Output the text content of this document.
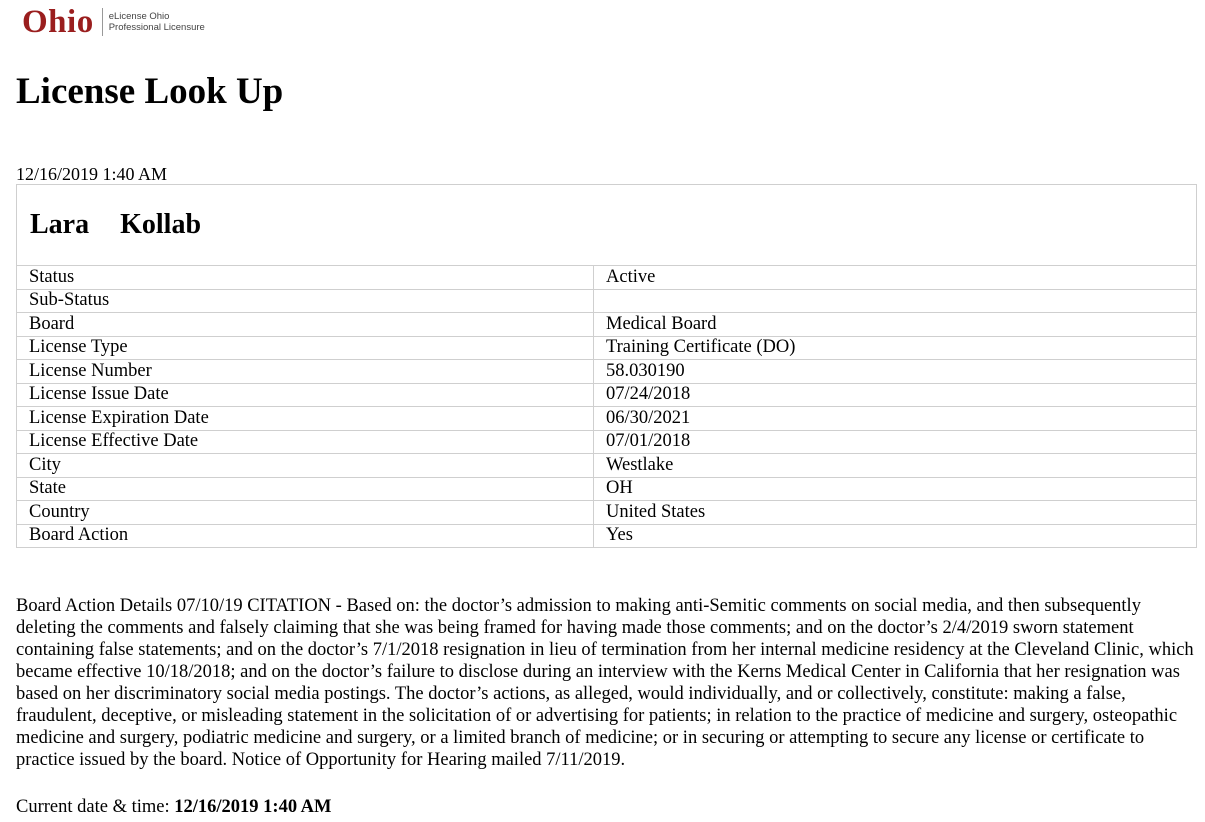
Ohio eLicense Ohio
Professional Licensure
License Look Up
12/16/2019 1:40 AM
Lara Kollab
Status	Active
Sub-Status	
Board	Medical Board
License Type	Training Certificate (DO)
License Number	58.030190
License Issue Date	07/24/2018
License Expiration Date	06/30/2021
License Effective Date	07/01/2018
City	Westlake
State	OH
Country	United States
Board Action	Yes
Board Action Details 07/10/19 CITATION - Based on: the doctor’s admission to making anti-Semitic comments on social media, and then subsequently deleting the comments and falsely claiming that she was being framed for having made those comments; and on the doctor’s 2/4/2019 sworn statement containing false statements; and on the doctor’s 7/1/2018 resignation in lieu of termination from her internal medicine residency at the Cleveland Clinic, which became effective 10/18/2018; and on the doctor’s failure to disclose during an interview with the Kerns Medical Center in California that her resignation was based on her discriminatory social media postings. The doctor’s actions, as alleged, would individually, and or collectively, constitute: making a false, fraudulent, deceptive, or misleading statement in the solicitation of or advertising for patients; in relation to the practice of medicine and surgery, osteopathic medicine and surgery, podiatric medicine and surgery, or a limited branch of medicine; or in securing or attempting to secure any license or certificate to practice issued by the board. Notice of Opportunity for Hearing mailed 7/11/2019.
Current date & time: 12/16/2019 1:40 AM
